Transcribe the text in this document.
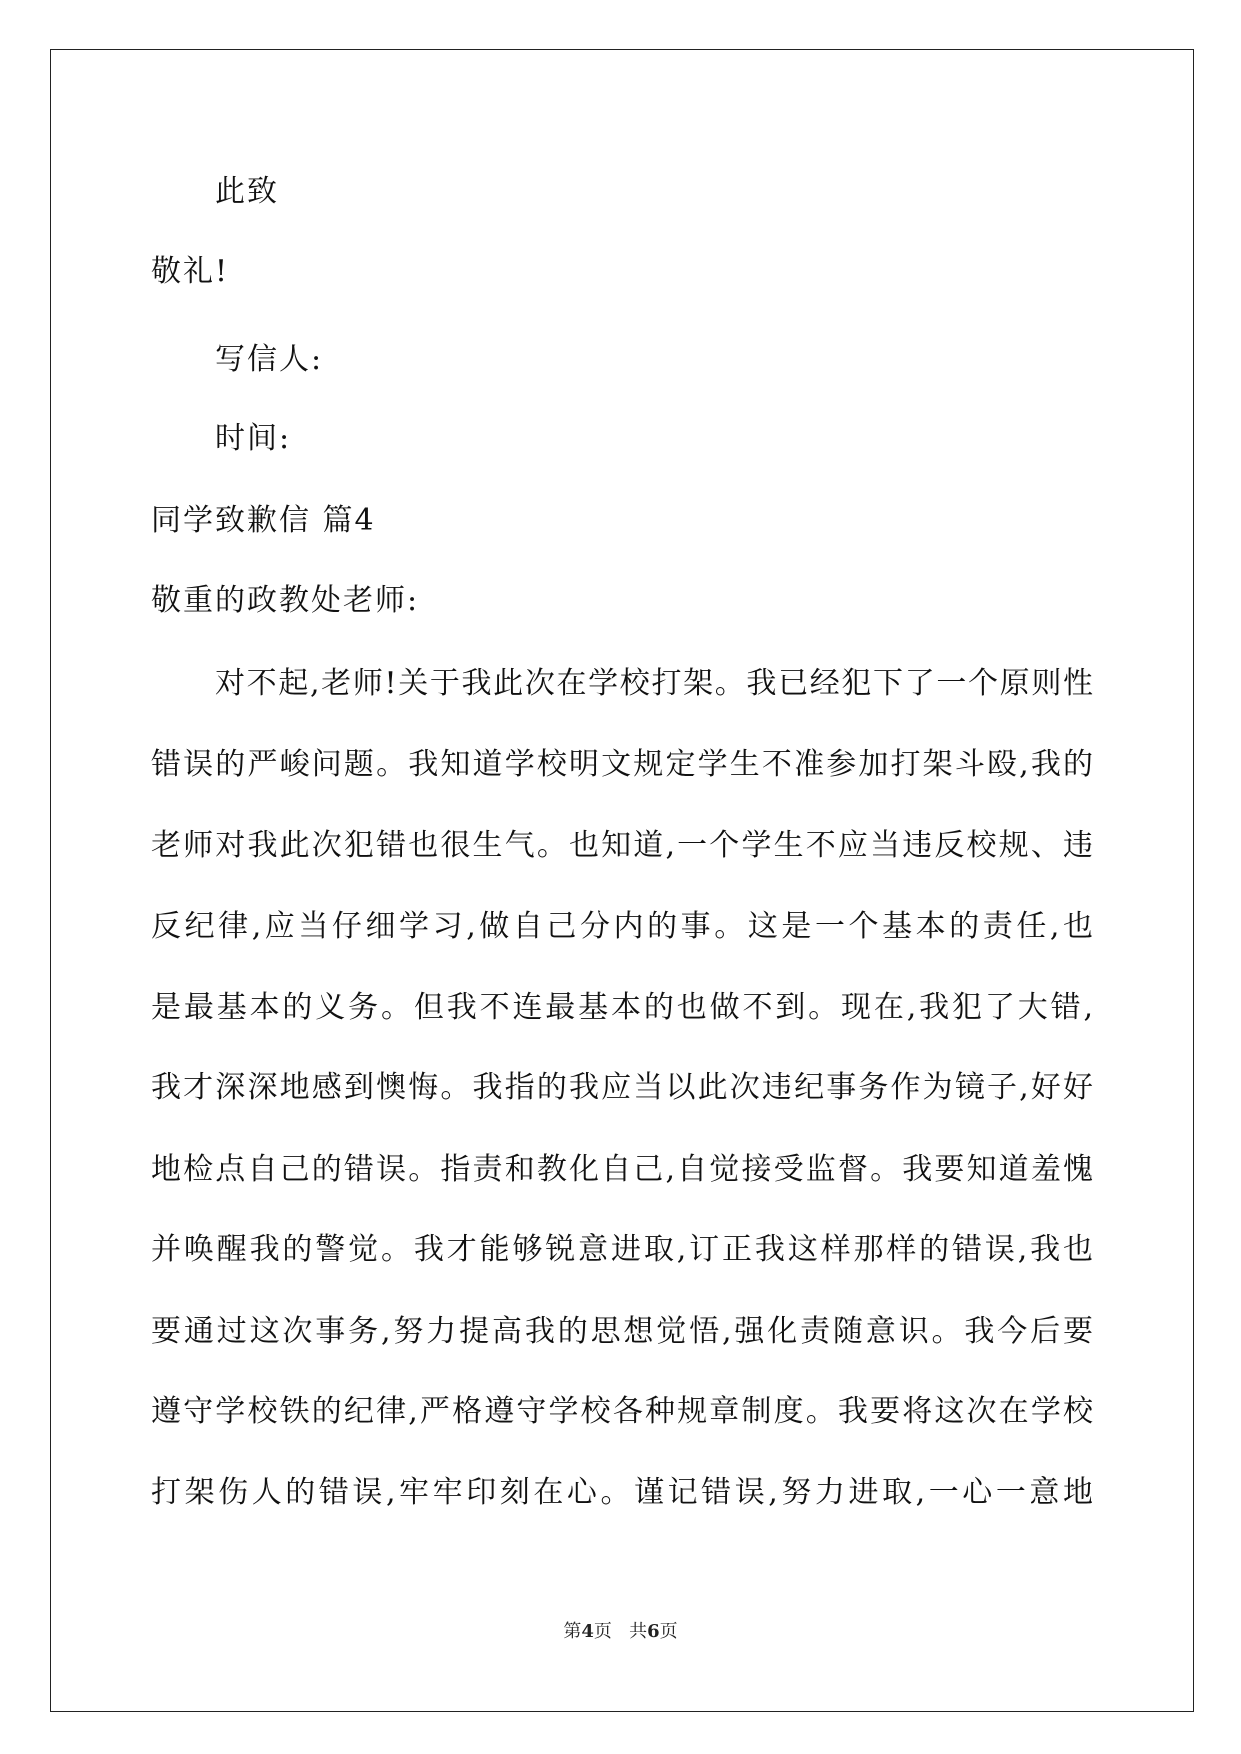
此致
敬礼!
写信人:
时间:
同学致歉信 篇4
敬重的政教处老师:
对不起,老师!关于我此次在学校打架。我已经犯下了一个原则性
错误的严峻问题。我知道学校明文规定学生不准参加打架斗殴,我的
老师对我此次犯错也很生气。也知道,一个学生不应当违反校规、违
反纪律,应当仔细学习,做自己分内的事。这是一个基本的责任,也
是最基本的义务。但我不连最基本的也做不到。现在,我犯了大错,
我才深深地感到懊悔。我指的我应当以此次违纪事务作为镜子,好好
地检点自己的错误。指责和教化自己,自觉接受监督。我要知道羞愧
并唤醒我的警觉。我才能够锐意进取,订正我这样那样的错误,我也
要通过这次事务,努力提高我的思想觉悟,强化责随意识。我今后要
遵守学校铁的纪律,严格遵守学校各种规章制度。我要将这次在学校
打架伤人的错误,牢牢印刻在心。谨记错误,努力进取,一心一意地
第4页   共6页
